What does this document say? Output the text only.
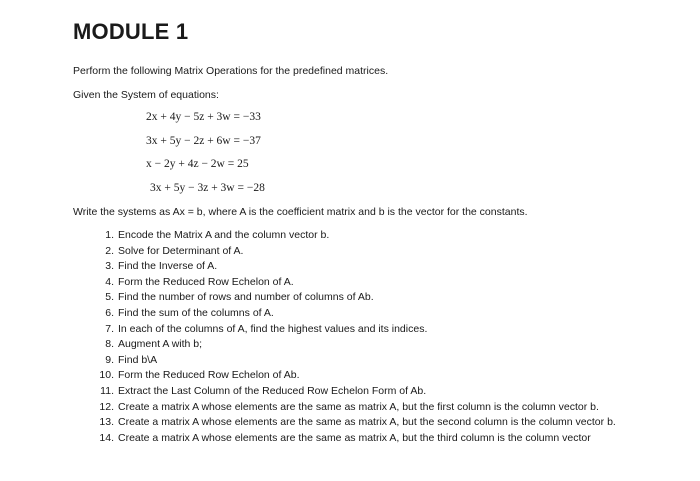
MODULE 1

Perform the following Matrix Operations for the predefined matrices.

Given the System of equations:

2x + 4y − 5z + 3w = −33
3x + 5y − 2z + 6w = −37
x − 2y + 4z − 2w = 25
3x + 5y − 3z + 3w = −28

Write the systems as Ax = b, where A is the coefficient matrix and b is the vector for the constants.

1. Encode the Matrix A and the column vector b.
2. Solve for Determinant of A.
3. Find the Inverse of A.
4. Form the Reduced Row Echelon of A.
5. Find the number of rows and number of columns of Ab.
6. Find the sum of the columns of A.
7. In each of the columns of A, find the highest values and its indices.
8. Augment A with b;
9. Find b\A
10. Form the Reduced Row Echelon of Ab.
11. Extract the Last Column of the Reduced Row Echelon Form of Ab.
12. Create a matrix A whose elements are the same as matrix A, but the first column is the column vector b.
13. Create a matrix A whose elements are the same as matrix A, but the second column is the column vector b.
14. Create a matrix A whose elements are the same as matrix A, but the third column is the column vector
